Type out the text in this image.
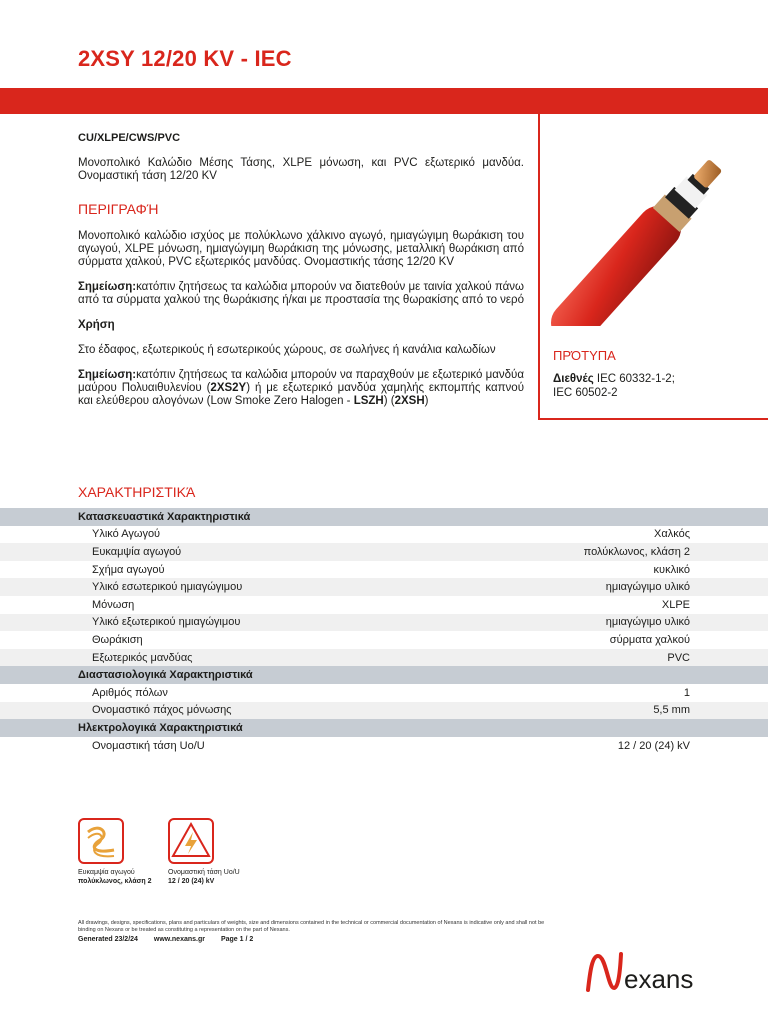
2XSY 12/20 KV - IEC
ΠΡΌΤΥΠΑ
Διεθνές IEC 60332-1-2;
IEC 60502-2
CU/XLPE/CWS/PVC
Μονοπολικό Καλώδιο Μέσης Τάσης, XLPE μόνωση, και PVC εξωτερικό μανδύα. Ονομαστική τάση 12/20 KV
ΠΕΡΙΓΡΑΦΉ
Μονοπολικό καλώδιο ισχύος με πολύκλωνο χάλκινο αγωγό, ημιαγώγιμη θωράκιση του αγωγού, XLPE μόνωση, ημιαγώγιμη θωράκιση της μόνωσης, μεταλλική θωράκιση από σύρματα χαλκού, PVC εξωτερικός μανδύας. Ονομαστικής τάσης 12/20 KV
Σημείωση:κατόπιν ζητήσεως τα καλώδια μπορούν να διατεθούν με ταινία χαλκού πάνω από τα σύρματα χαλκού της θωράκισης ή/και με προστασία της θωρακίσης από το νερό
Χρήση
Στο έδαφος, εξωτερικούς ή εσωτερικούς χώρους, σε σωλήνες ή κανάλια καλωδίων
Σημείωση:κατόπιν ζητήσεως τα καλώδια μπορούν να παραχθούν με εξωτερικό μανδύα μαύρου Πολυαιθυλενίου (2XS2Y) ή με εξωτερικό μανδύα χαμηλής εκπομπής καπνού και ελεύθερου αλογόνων (Low Smoke Zero Halogen - LSZH) (2XSH)
ΧΑΡΑΚΤΗΡΙΣΤΙΚΆ
Κατασκευαστικά Χαρακτηριστικά
Υλικό Αγωγού	Χαλκός
Ευκαμψία αγωγού	πολύκλωνος, κλάση 2
Σχήμα αγωγού	κυκλικό
Υλικό εσωτερικού ημιαγώγιμου	ημιαγώγιμο υλικό
Μόνωση	XLPE
Υλικό εξωτερικού ημιαγώγιμου	ημιαγώγιμο υλικό
Θωράκιση	σύρματα χαλκού
Εξωτερικός μανδύας	PVC
Διαστασιολογικά Χαρακτηριστικά
Αριθμός πόλων	1
Ονομαστικό πάχος μόνωσης	5,5 mm
Ηλεκτρολογικά Χαρακτηριστικά
Ονομαστική τάση Uo/U	12 / 20 (24) kV
Ευκαμψία αγωγού
πολύκλωνος, κλάση 2
Ονομαστική τάση Uo/U
12 / 20 (24) kV
All drawings, designs, specifications, plans and particulars of weights, size and dimensions contained in the technical or commercial documentation of Nexans is indicative only and shall not be binding on Nexans or be treated as constituting a representation on the part of Nexans.
Generated 23/2/24 www.nexans.gr Page 1 / 2
exans
